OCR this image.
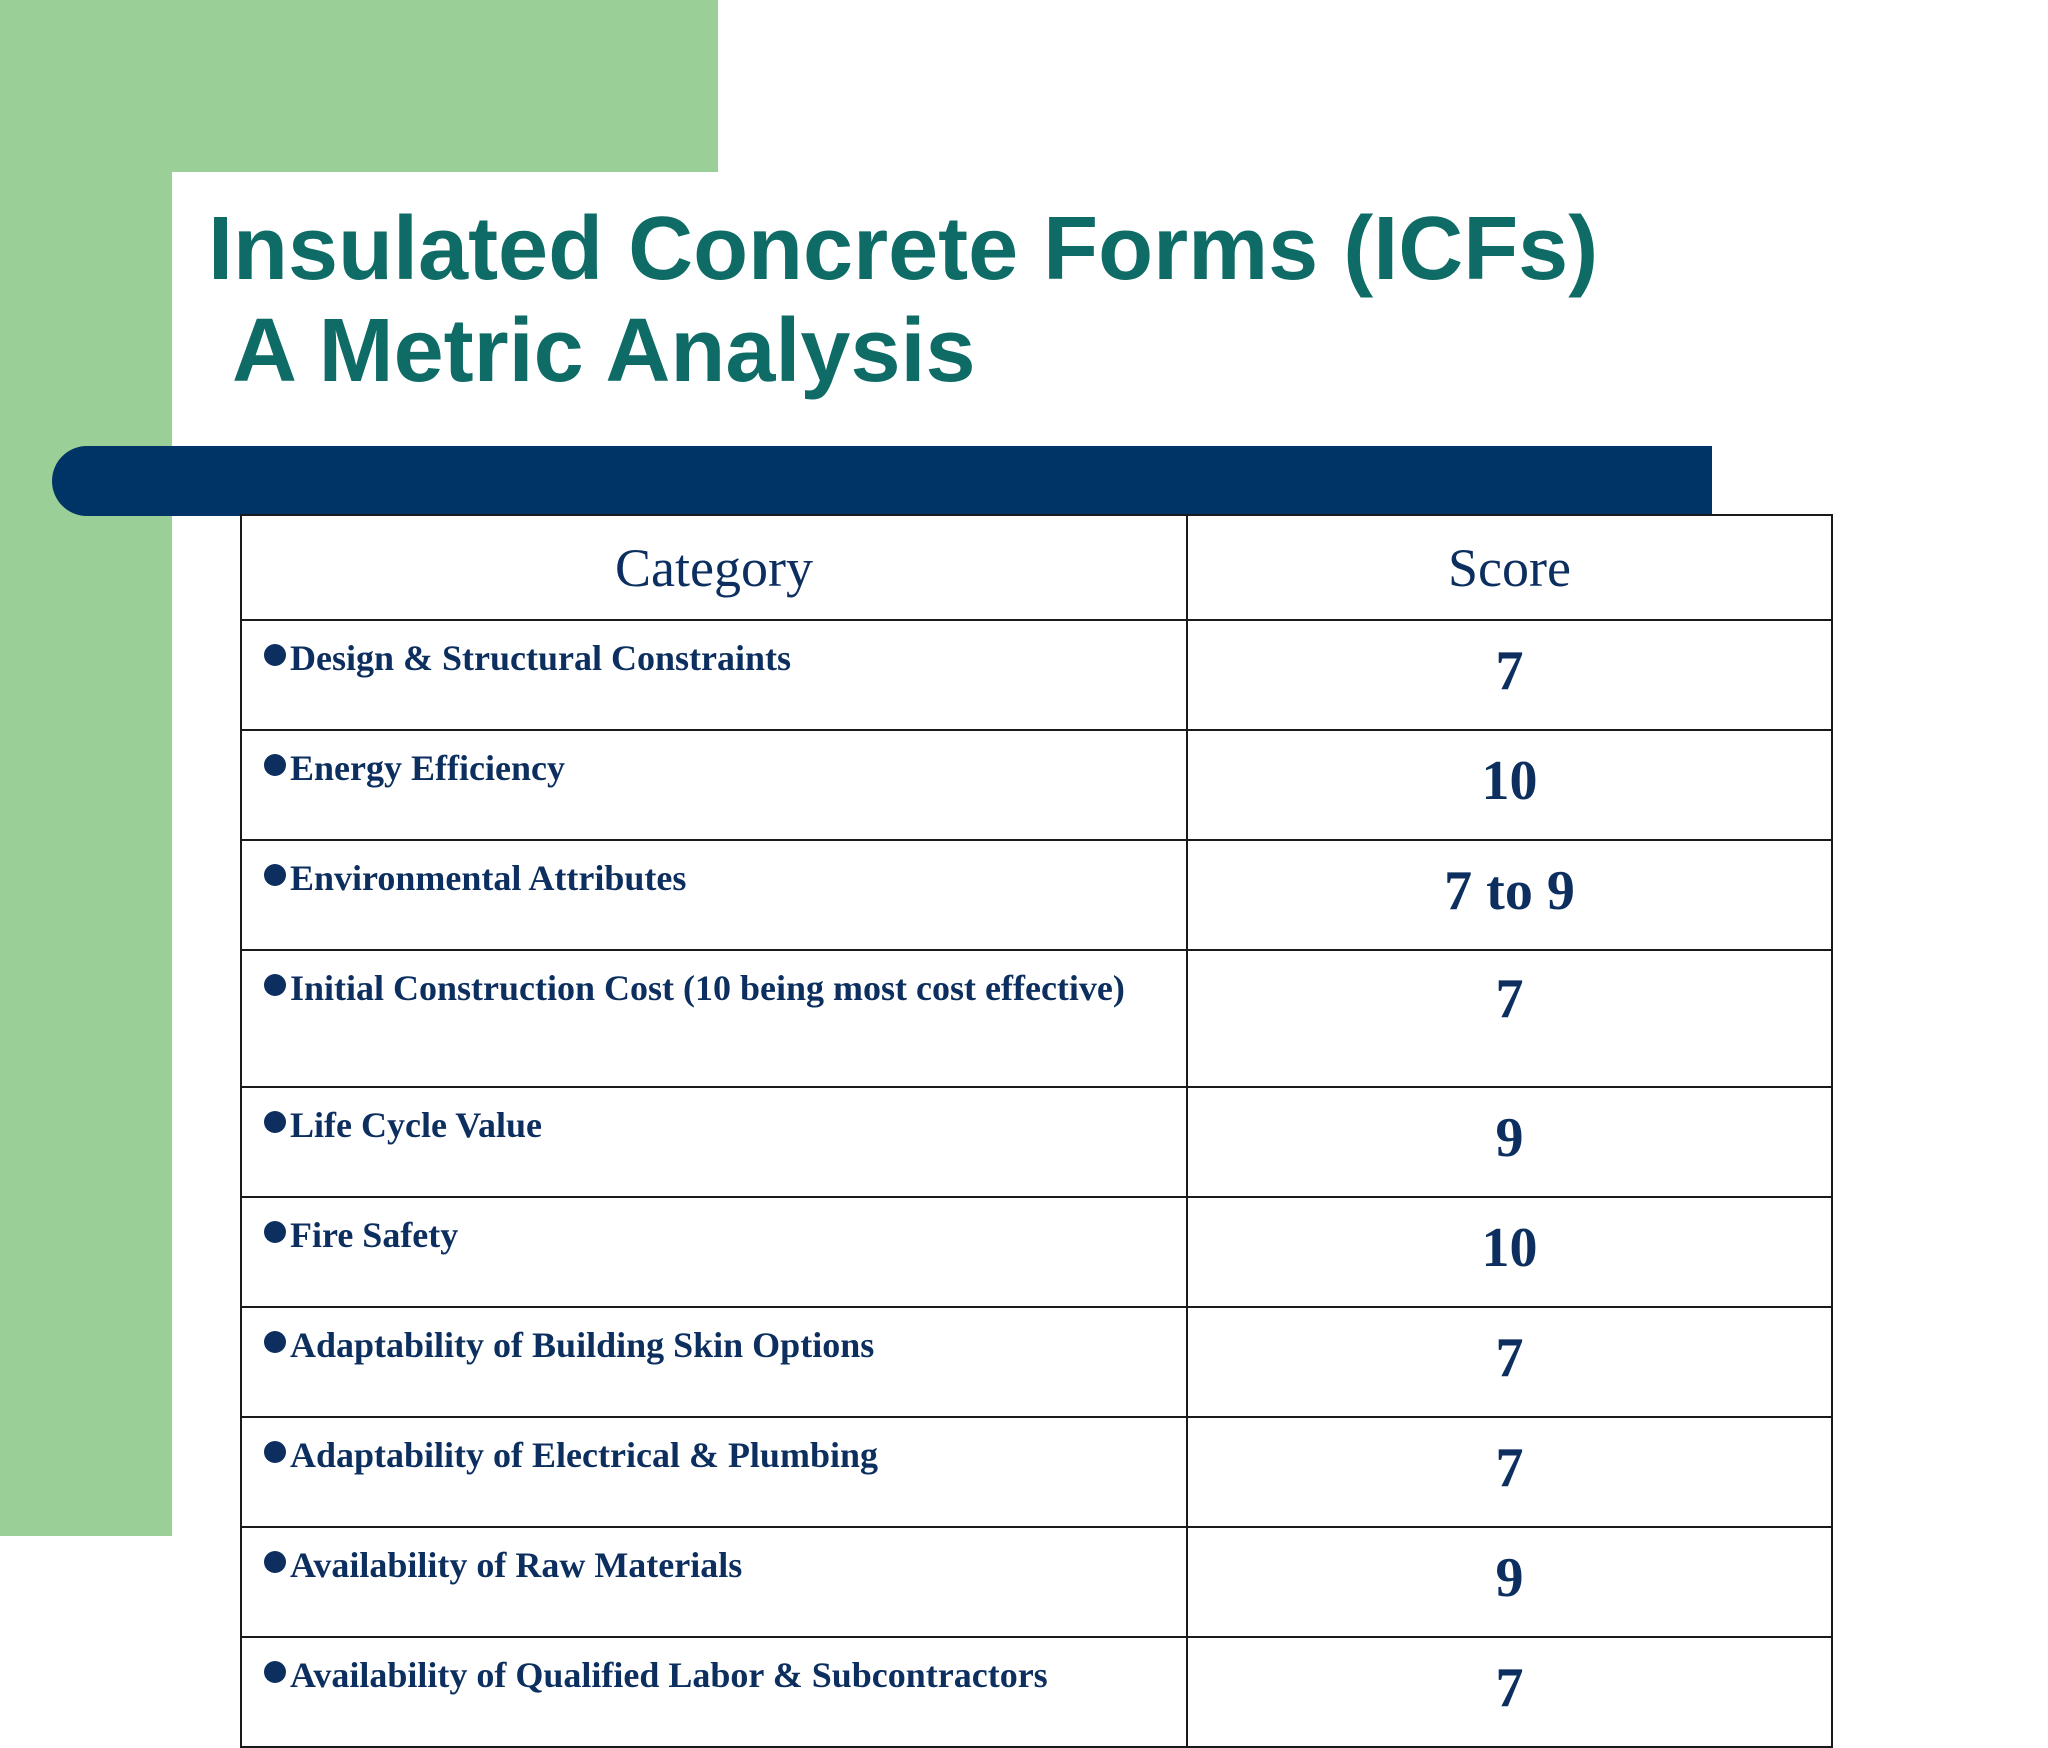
Insulated Concrete Forms (ICFs)
A Metric Analysis
Category	Score
Design & Structural Constraints	7
Energy Efficiency	10
Environmental Attributes	7 to 9
Initial Construction Cost (10 being most cost effective)	7
Life Cycle Value	9
Fire Safety	10
Adaptability of Building Skin Options	7
Adaptability of Electrical & Plumbing	7
Availability of Raw Materials	9
Availability of Qualified Labor & Subcontractors	7
